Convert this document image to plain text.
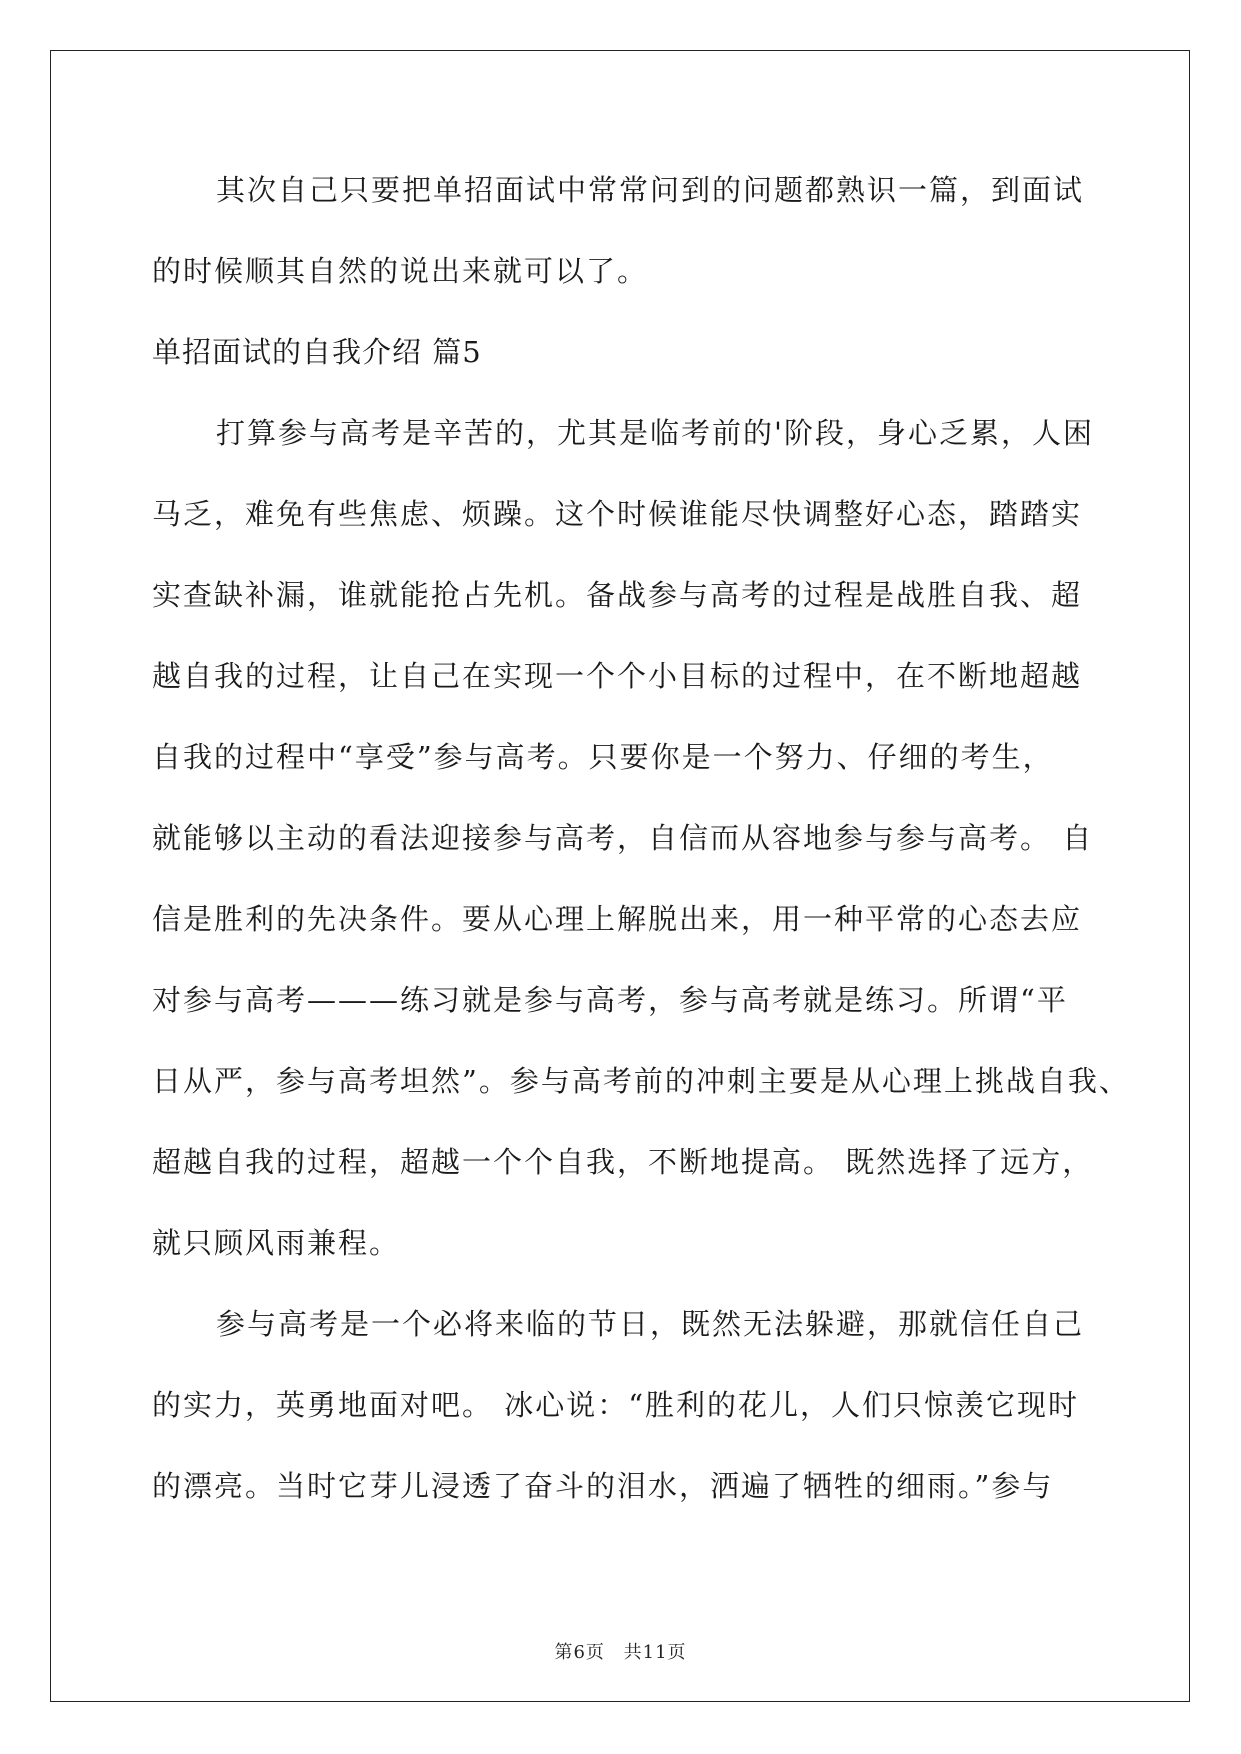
其次自己只要把单招面试中常常问到的问题都熟识一篇，到面试
的时候顺其自然的说出来就可以了。
单招面试的自我介绍 篇5
打算参与高考是辛苦的，尤其是临考前的'阶段，身心乏累，人困
马乏，难免有些焦虑、烦躁。这个时候谁能尽快调整好心态，踏踏实
实查缺补漏，谁就能抢占先机。备战参与高考的过程是战胜自我、超
越自我的过程，让自己在实现一个个小目标的过程中，在不断地超越
自我的过程中“享受”参与高考。只要你是一个努力、仔细的考生，
就能够以主动的看法迎接参与高考，自信而从容地参与参与高考。 自
信是胜利的先决条件。要从心理上解脱出来，用一种平常的心态去应
对参与高考———练习就是参与高考，参与高考就是练习。所谓“平
日从严，参与高考坦然”。参与高考前的冲刺主要是从心理上挑战自我、
超越自我的过程，超越一个个自我，不断地提高。 既然选择了远方，
就只顾风雨兼程。
参与高考是一个必将来临的节日，既然无法躲避，那就信任自己
的实力，英勇地面对吧。 冰心说：“胜利的花儿，人们只惊羡它现时
的漂亮。当时它芽儿浸透了奋斗的泪水，洒遍了牺牲的细雨。”参与
第6页 共11页
